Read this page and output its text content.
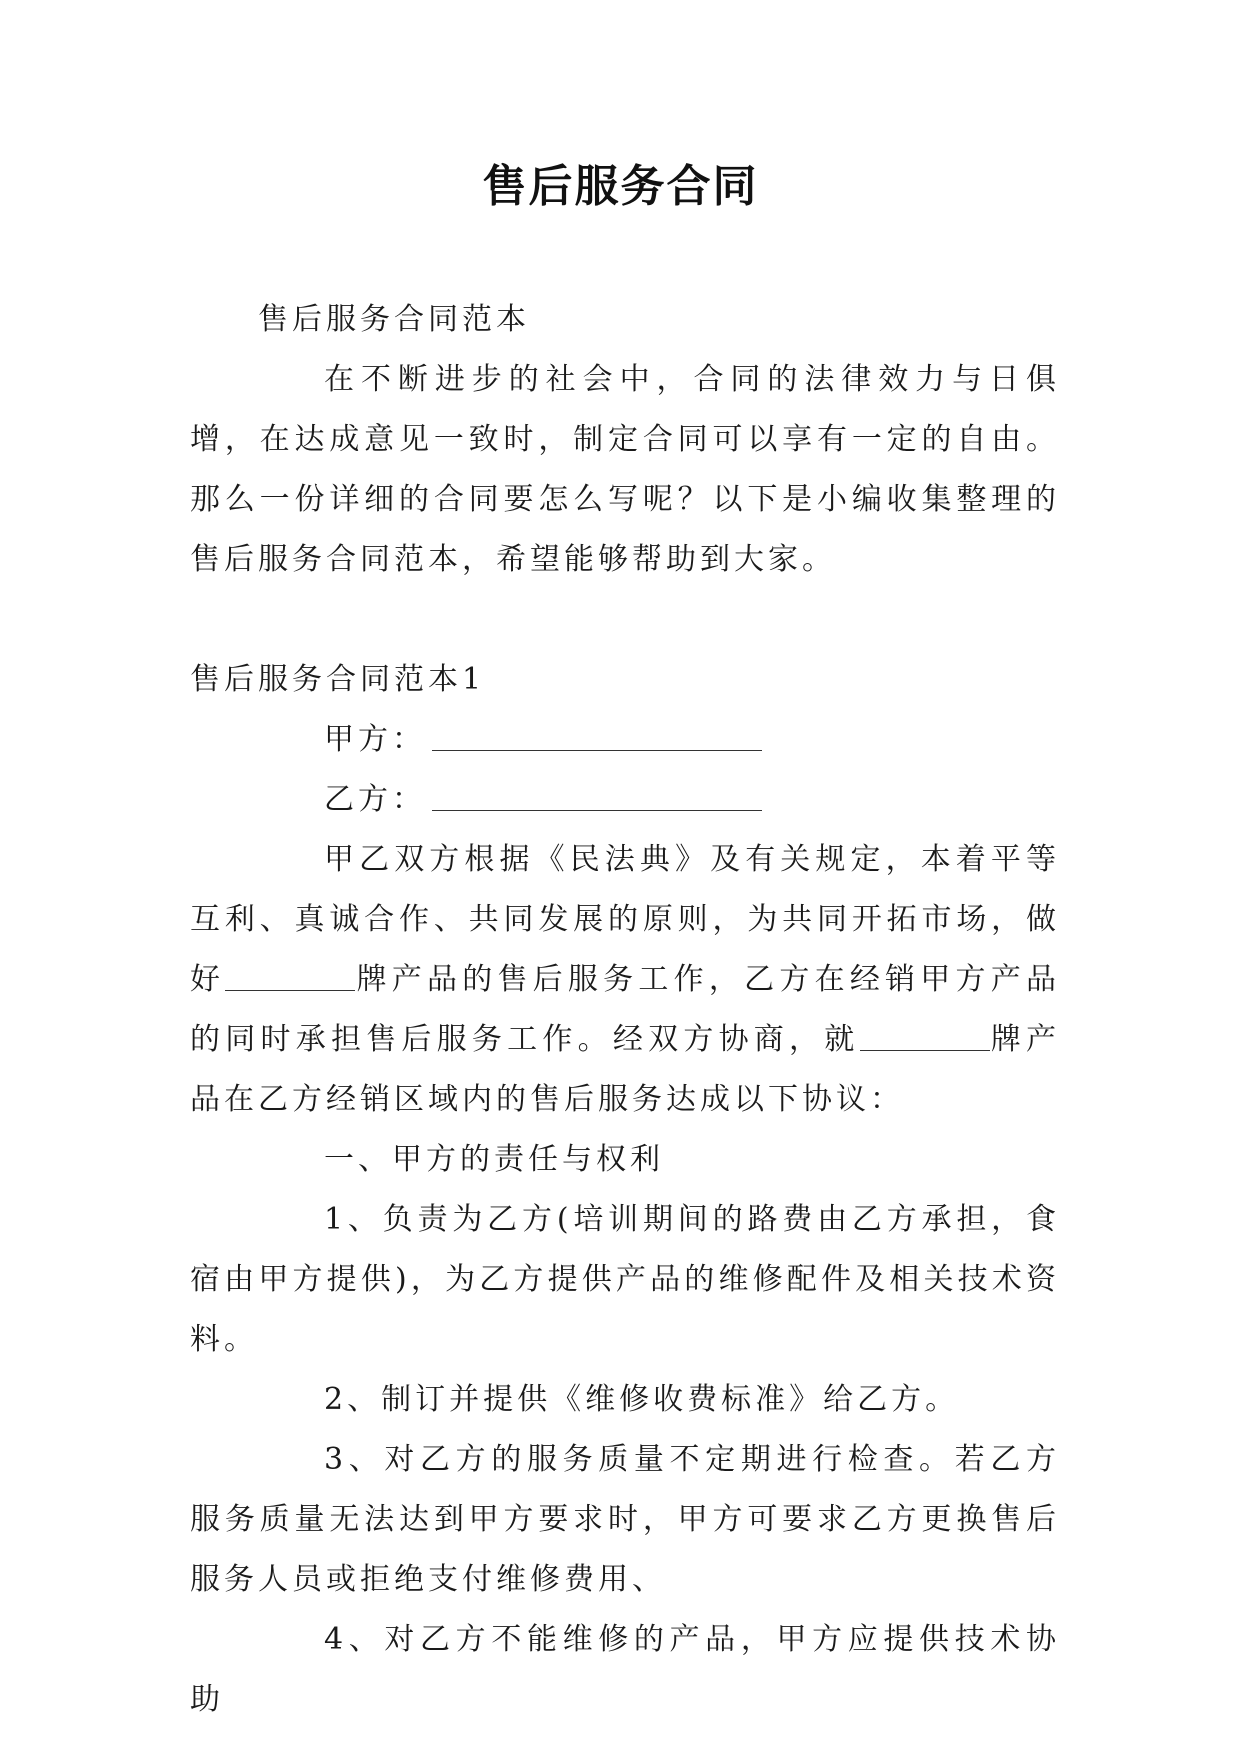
售后服务合同

售后服务合同范本

在不断进步的社会中，合同的法律效力与日俱增，在达成意见一致时，制定合同可以享有一定的自由。那么一份详细的合同要怎么写呢？以下是小编收集整理的售后服务合同范本，希望能够帮助到大家。

售后服务合同范本1

甲方：

乙方：

甲乙双方根据《民法典》及有关规定，本着平等互利、真诚合作、共同发展的原则，为共同开拓市场，做好	牌产品的售后服务工作，乙方在经销甲方产品的同时承担售后服务工作。经双方协商，就	牌产品在乙方经销区域内的售后服务达成以下协议：

一、甲方的责任与权利

1、负责为乙方(培训期间的路费由乙方承担，食宿由甲方提供)，为乙方提供产品的维修配件及相关技术资料。

2、制订并提供《维修收费标准》给乙方。

3、对乙方的服务质量不定期进行检查。若乙方服务质量无法达到甲方要求时，甲方可要求乙方更换售后服务人员或拒绝支付维修费用、

4、对乙方不能维修的产品，甲方应提供技术协助
